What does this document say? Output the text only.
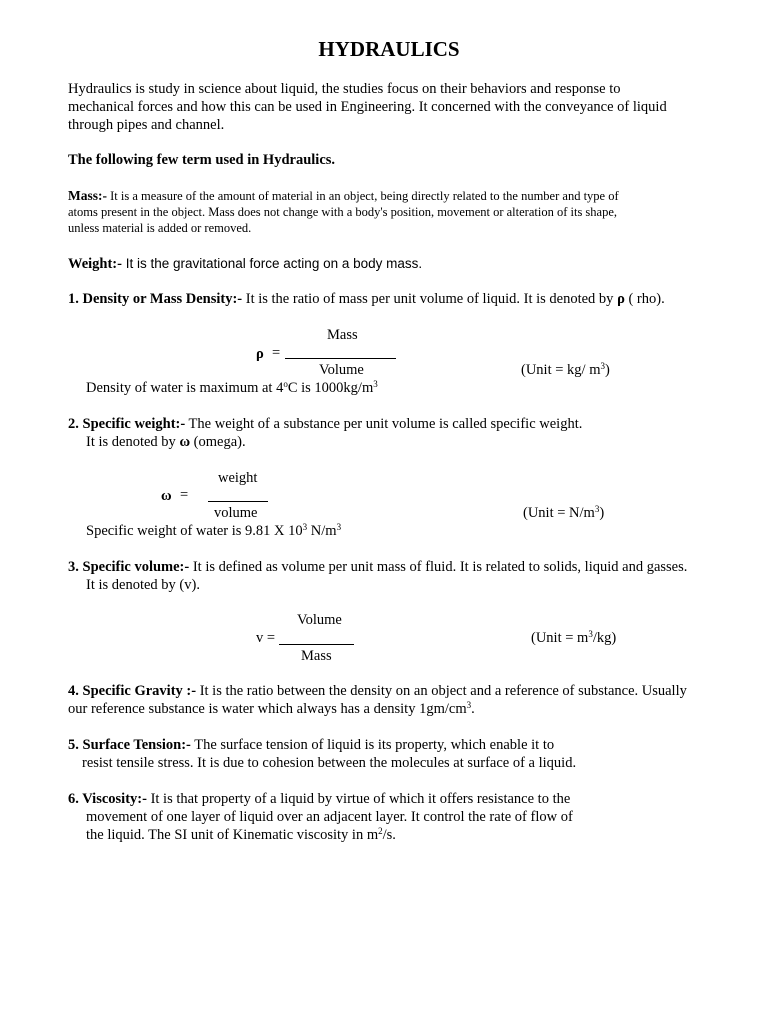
HYDRAULICS
Hydraulics is study in science about liquid, the studies focus on their behaviors and response to
mechanical forces and how this can be used in Engineering. It concerned with the conveyance of liquid
through pipes and channel.
The following few term used in Hydraulics.
Mass:- It is a measure of the amount of material in an object, being directly related to the number and type of
atoms present in the object. Mass does not change with a body's position, movement or alteration of its shape,
unless material is added or removed.
Weight:- It is the gravitational force acting on a body mass.
1. Density or Mass Density:- It is the ratio of mass per unit volume of liquid. It is denoted by ρ ( rho).
Mass
ρ =
Volume	(Unit = kg/ $m^3$)
Density of water is maximum at 4$^o$C is $1000kg/m^3$
2. Specific weight:- The weight of a substance per unit volume is called specific weight.
It is denoted by ω (omega).
weight
ω =
volume	(Unit = $N/m^3$)
Specific weight of water is 9.81 X $10^3$ $N/m^3$
3. Specific volume:- It is defined as volume per unit mass of fluid. It is related to solids, liquid and gasses.
It is denoted by (v).
Volume
v =
Mass
(Unit = $m^3/kg$)
4. Specific Gravity :- It is the ratio between the density on an object and a reference of substance. Usually
our reference substance is water which always has a density $1gm/cm^3$.
5. Surface Tension:- The surface tension of liquid is its property, which enable it to
resist tensile stress. It is due to cohesion between the molecules at surface of a liquid.
6. Viscosity:- It is that property of a liquid by virtue of which it offers resistance to the
movement of one layer of liquid over an adjacent layer. It control the rate of flow of
the liquid. The SI unit of Kinematic viscosity in $m^2/s$.
